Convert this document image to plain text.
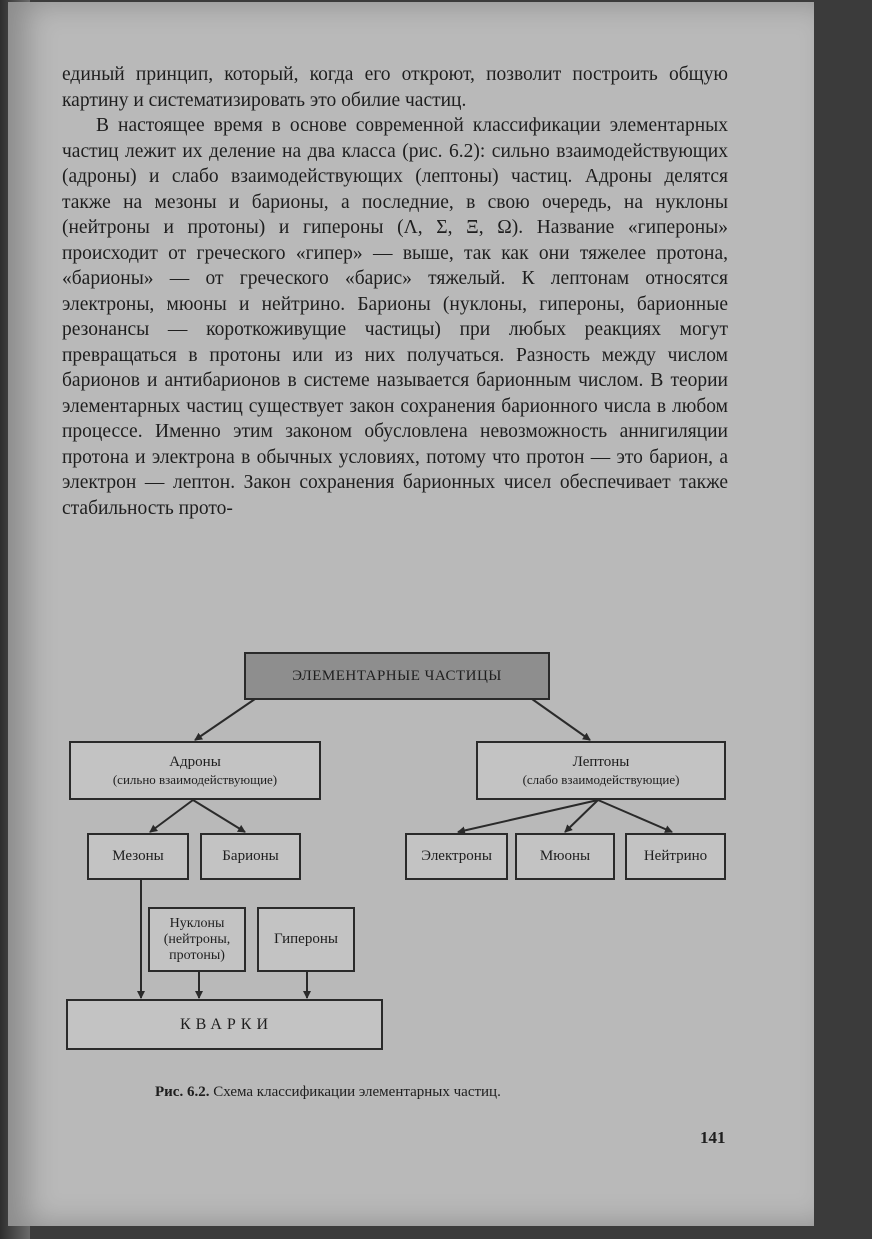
единый принцип, который, когда его откроют, позволит построить общую картину и систематизировать это обилие частиц.

В настоящее время в основе современной классификации элементарных частиц лежит их деление на два класса (рис. 6.2): сильно взаимодействующих (адроны) и слабо взаимодействующих (лептоны) частиц. Адроны делятся также на мезоны и барионы, а последние, в свою очередь, на нуклоны (нейтроны и протоны) и гипероны (Λ, Σ, Ξ, Ω). Название «гипероны» происходит от греческого «гипер» — выше, так как они тяжелее протона, «барионы» — от греческого «барис» тяжелый. К лептонам относятся электроны, мюоны и нейтрино. Барионы (нуклоны, гипероны, барионные резонансы — короткоживущие частицы) при любых реакциях могут превращаться в протоны или из них получаться. Разность между числом барионов и антибарионов в системе называется барионным числом. В теории элементарных частиц существует закон сохранения барионного числа в любом процессе. Именно этим законом обусловлена невозможность аннигиляции протона и электрона в обычных условиях, потому что протон — это барион, а электрон — лептон. Закон сохранения барионных чисел обеспечивает также стабильность прото-

ЭЛЕМЕНТАРНЫЕ ЧАСТИЦЫ
Адроны
(сильно взаимодействующие)
Лептоны
(слабо взаимодействующие)
Мезоны	Барионы	Электроны	Мюоны	Нейтрино
Нуклоны
(нейтроны,
протоны)
Гипероны
КВАРКИ
Рис. 6.2. Схема классификации элементарных частиц.
141
